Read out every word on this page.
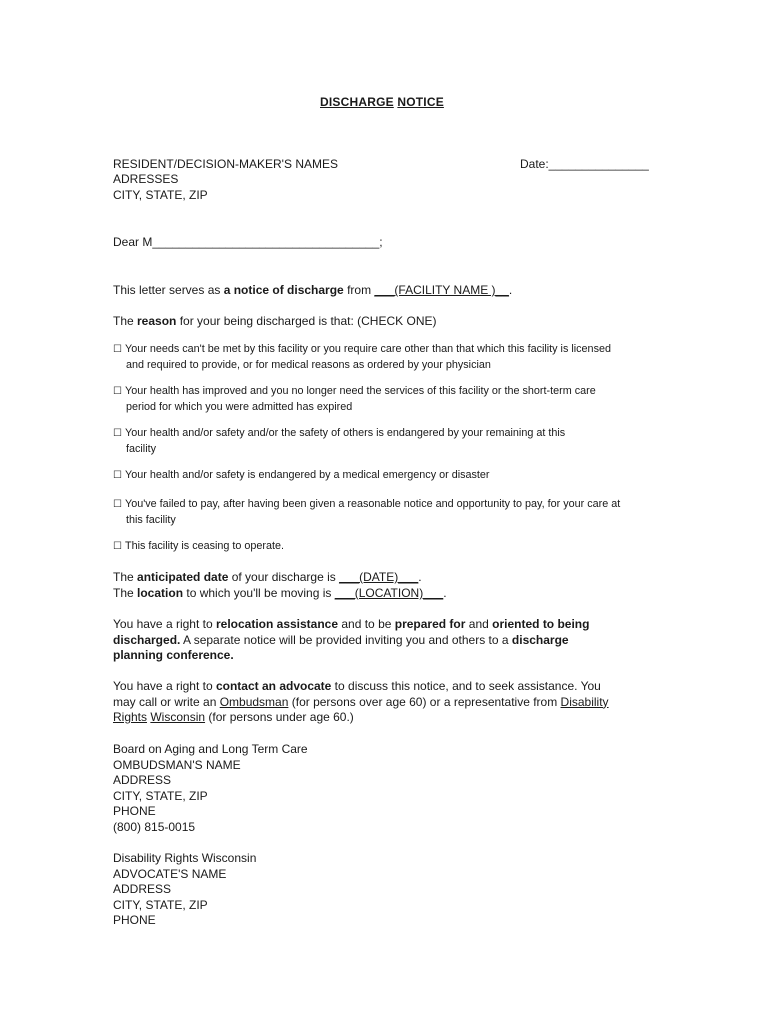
DISCHARGE NOTICE
RESIDENT/DECISION-MAKER'S NAMES
ADRESSES
CITY, STATE, ZIP
Date:_______________
Dear M__________________________________;
This letter serves as a notice of discharge from ___(FACILITY NAME )__.
The reason for your being discharged is that: (CHECK ONE)
☐ Your needs can't be met by this facility or you require care other than that which this facility is licensed
and required to provide, or for medical reasons as ordered by your physician
☐ Your health has improved and you no longer need the services of this facility or the short-term care
period for which you were admitted has expired
☐ Your health and/or safety and/or the safety of others is endangered by your remaining at this
facility
☐ Your health and/or safety is endangered by a medical emergency or disaster
☐ You've failed to pay, after having been given a reasonable notice and opportunity to pay, for your care at
this facility
☐ This facility is ceasing to operate.
The anticipated date of your discharge is ___(DATE)___.
The location to which you'll be moving is ___(LOCATION)___.
You have a right to relocation assistance and to be prepared for and oriented to being
discharged. A separate notice will be provided inviting you and others to a discharge
planning conference.
You have a right to contact an advocate to discuss this notice, and to seek assistance. You
may call or write an Ombudsman (for persons over age 60) or a representative from Disability
Rights Wisconsin (for persons under age 60.)
Board on Aging and Long Term Care
OMBUDSMAN'S NAME
ADDRESS
CITY, STATE, ZIP
PHONE
(800) 815-0015
Disability Rights Wisconsin
ADVOCATE'S NAME
ADDRESS
CITY, STATE, ZIP
PHONE
